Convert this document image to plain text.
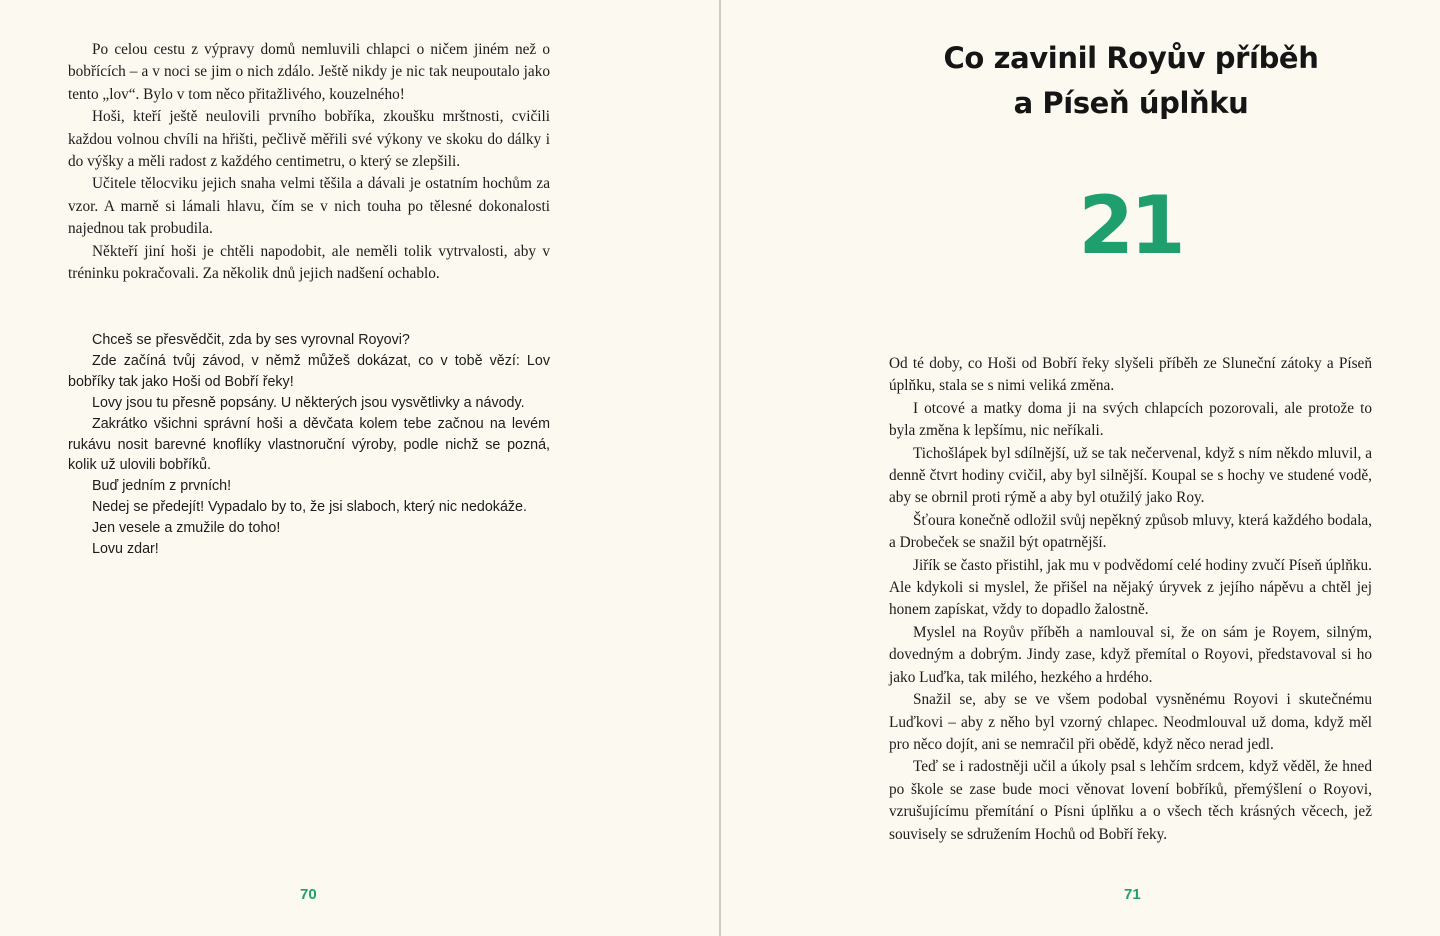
Po celou cestu z výpravy domů nemluvili chlapci o ničem jiném než o bobřících – a v noci se jim o nich zdálo. Ještě nikdy je nic tak neupoutalo jako tento „lov“. Bylo v tom něco přitažlivého, kouzelného!

Hoši, kteří ještě neulovili prvního bobříka, zkoušku mrštnosti, cvičili každou volnou chvíli na hřišti, pečlivě měřili své výkony ve skoku do dálky i do výšky a měli radost z každého centimetru, o který se zlepšili.

Učitele tělocviku jejich snaha velmi těšila a dávali je ostatním hochům za vzor. A marně si lámali hlavu, čím se v nich touha po tělesné dokonalosti najednou tak probudila.

Někteří jiní hoši je chtěli napodobit, ale neměli tolik vytrvalosti, aby v tréninku pokračovali. Za několik dnů jejich nadšení ochablo.

Chceš se přesvědčit, zda by ses vyrovnal Royovi?

Zde začíná tvůj závod, v němž můžeš dokázat, co v tobě vězí: Lov bobříky tak jako Hoši od Bobří řeky!

Lovy jsou tu přesně popsány. U některých jsou vysvětlivky a návody.

Zakrátko všichni správní hoši a děvčata kolem tebe začnou na levém rukávu nosit barevné knoflíky vlastnoruční výroby, podle nichž se pozná, kolik už ulovili bobříků.

Buď jedním z prvních!

Nedej se předejít! Vypadalo by to, že jsi slaboch, který nic nedokáže.

Jen vesele a zmužile do toho!

Lovu zdar!

70
Co zavinil Royův příběh
a Píseň úplňku
21

Od té doby, co Hoši od Bobří řeky slyšeli příběh ze Sluneční zátoky a Píseň úplňku, stala se s nimi veliká změna.

I otcové a matky doma ji na svých chlapcích pozorovali, ale protože to byla změna k lepšímu, nic neříkali.

Tichošlápek byl sdílnější, už se tak nečervenal, když s ním někdo mluvil, a denně čtvrt hodiny cvičil, aby byl silnější. Koupal se s hochy ve studené vodě, aby se obrnil proti rýmě a aby byl otužilý jako Roy.

Šťoura konečně odložil svůj nepěkný způsob mluvy, která každého bodala, a Drobeček se snažil být opatrnější.

Jiřík se často přistihl, jak mu v podvědomí celé hodiny zvučí Píseň úplňku. Ale kdykoli si myslel, že přišel na nějaký úryvek z jejího nápěvu a chtěl jej honem zapískat, vždy to dopadlo žalostně.

Myslel na Royův příběh a namlouval si, že on sám je Royem, silným, dovedným a dobrým. Jindy zase, když přemítal o Royovi, představoval si ho jako Luďka, tak milého, hezkého a hrdého.

Snažil se, aby se ve všem podobal vysněnému Royovi i skutečnému Luďkovi – aby z něho byl vzorný chlapec. Neodmlouval už doma, když měl pro něco dojít, ani se nemračil při obědě, když něco nerad jedl.

Teď se i radostněji učil a úkoly psal s lehčím srdcem, když věděl, že hned po škole se zase bude moci věnovat lovení bobříků, přemýšlení o Royovi, vzrušujícímu přemítání o Písni úplňku a o všech těch krásných věcech, jež souvisely se sdružením Hochů od Bobří řeky.

71
